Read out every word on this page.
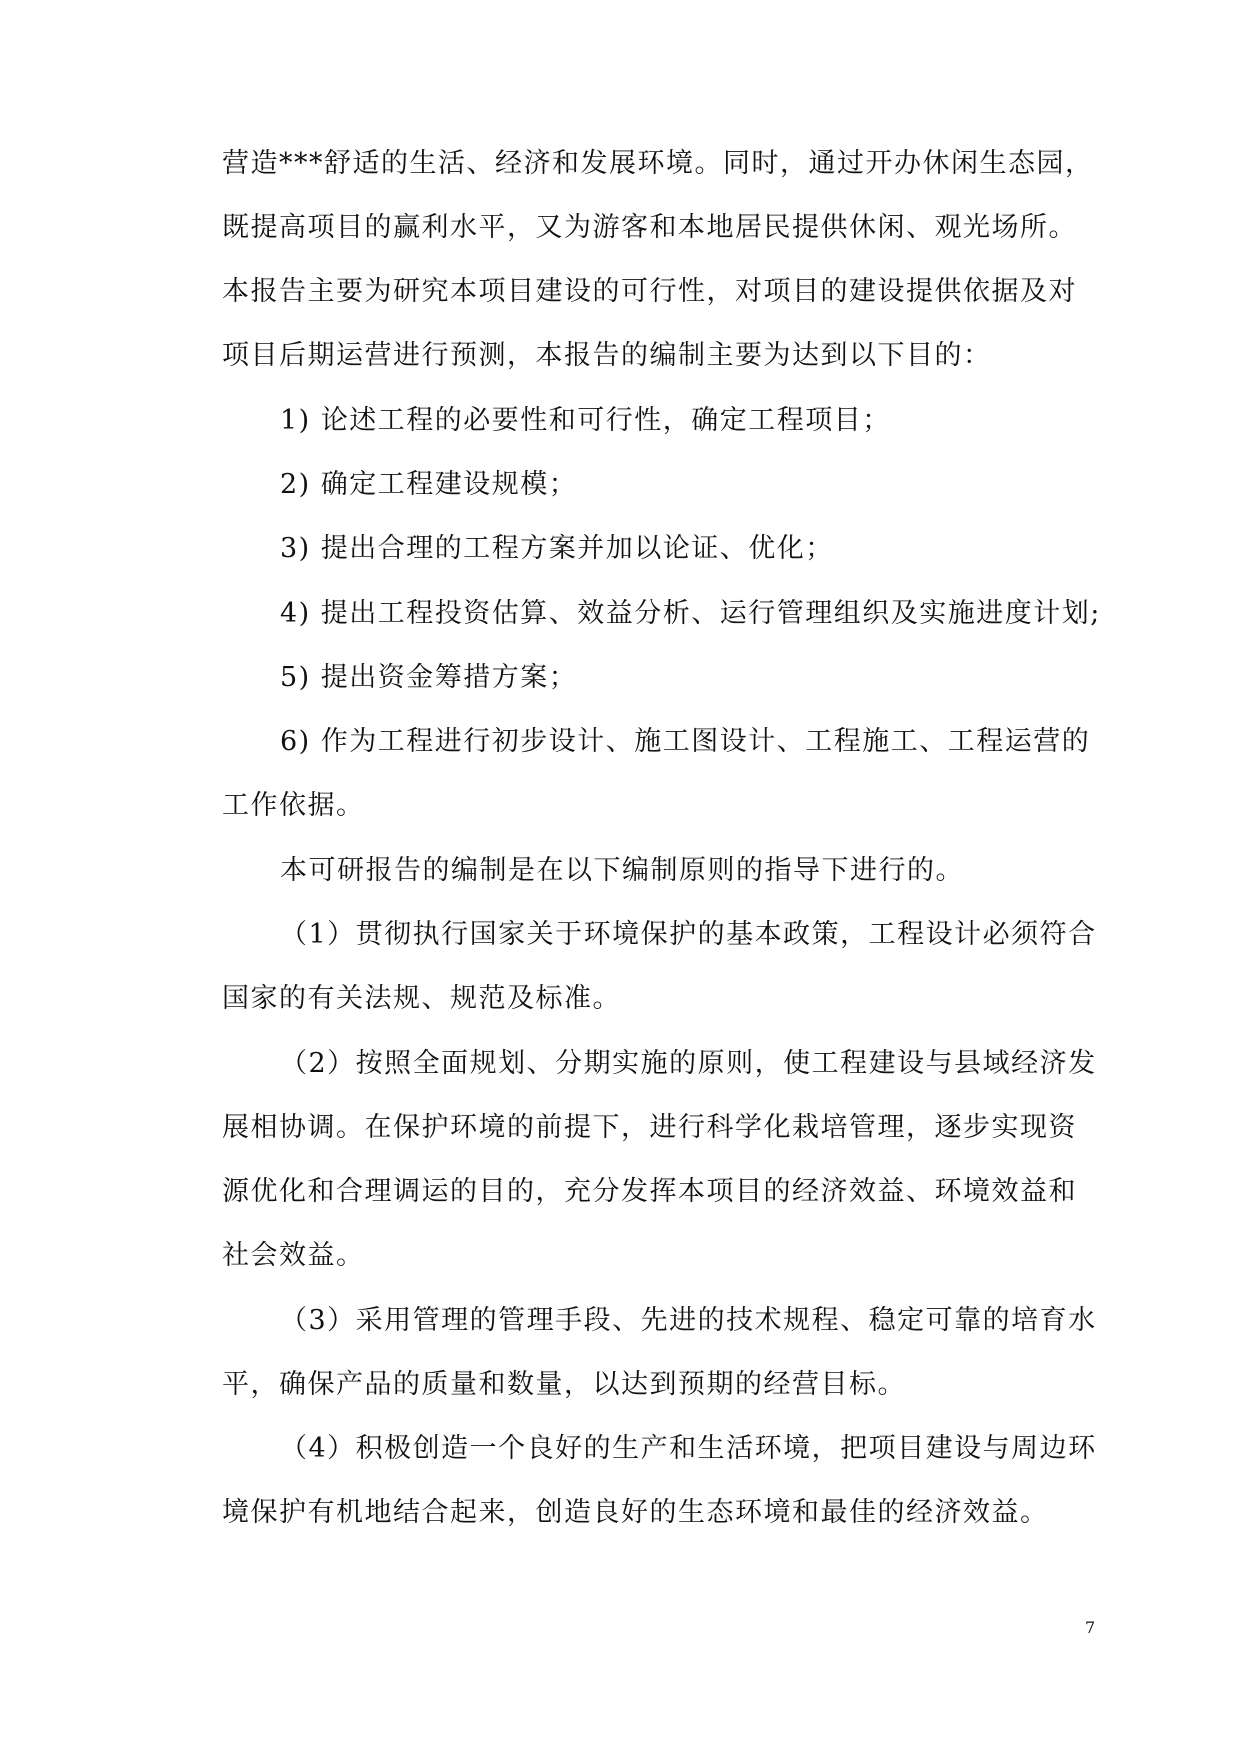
营造***舒适的生活、经济和发展环境。同时，通过开办休闲生态园，
既提高项目的赢利水平，又为游客和本地居民提供休闲、观光场所。
本报告主要为研究本项目建设的可行性，对项目的建设提供依据及对
项目后期运营进行预测，本报告的编制主要为达到以下目的：
1) 论述工程的必要性和可行性，确定工程项目；
2) 确定工程建设规模；
3) 提出合理的工程方案并加以论证、优化；
4) 提出工程投资估算、效益分析、运行管理组织及实施进度计划;
5) 提出资金筹措方案；
6) 作为工程进行初步设计、施工图设计、工程施工、工程运营的
工作依据。
本可研报告的编制是在以下编制原则的指导下进行的。
（1）贯彻执行国家关于环境保护的基本政策，工程设计必须符合
国家的有关法规、规范及标准。
（2）按照全面规划、分期实施的原则，使工程建设与县域经济发
展相协调。在保护环境的前提下，进行科学化栽培管理，逐步实现资
源优化和合理调运的目的，充分发挥本项目的经济效益、环境效益和
社会效益。
（3）采用管理的管理手段、先进的技术规程、稳定可靠的培育水
平，确保产品的质量和数量，以达到预期的经营目标。
（4）积极创造一个良好的生产和生活环境，把项目建设与周边环
境保护有机地结合起来，创造良好的生态环境和最佳的经济效益。
7
